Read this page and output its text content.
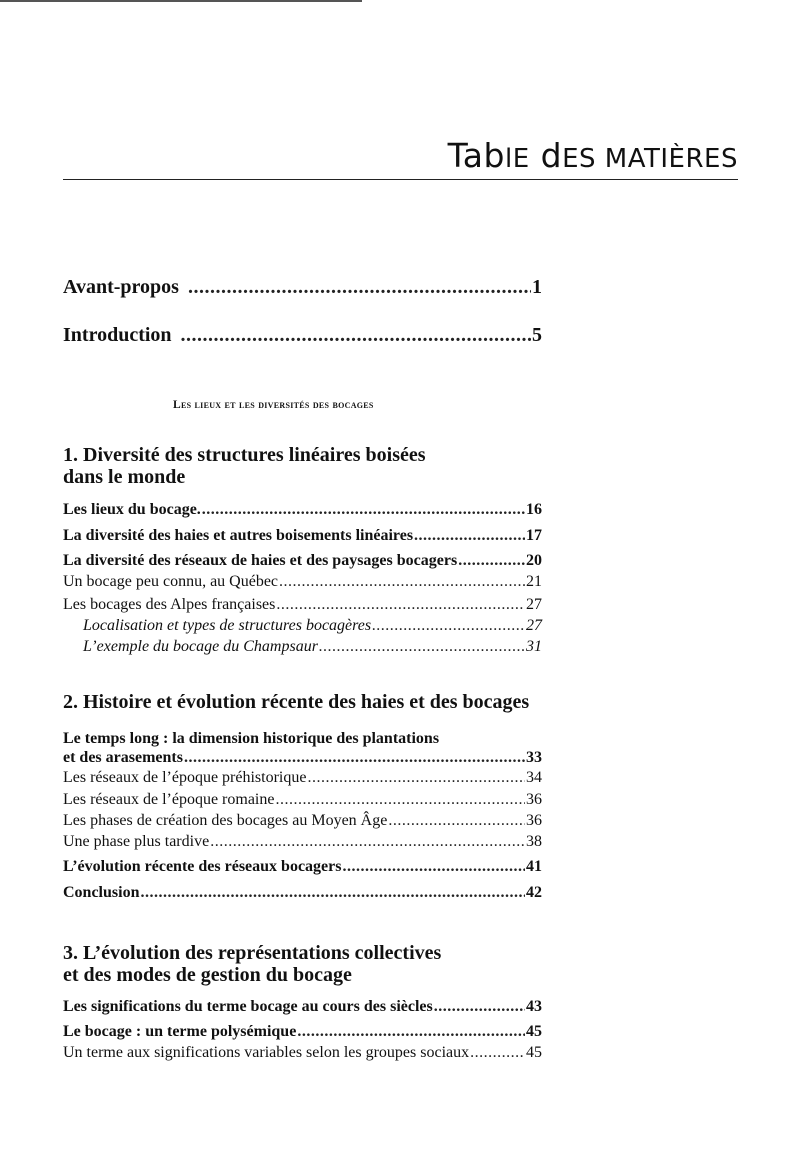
TablE dES MATIÈRES
Avant-propos .....	1
Introduction .....	5
Les lieux et les diversités des bocages
1. Diversité des structures linéaires boisées
dans le monde
Les lieux du bocage. .....	16
La diversité des haies et autres boisements linéaires .....	17
La diversité des réseaux de haies et des paysages bocagers .....	20
Un bocage peu connu, au Québec .....	21
Les bocages des Alpes françaises .....	27
Localisation et types de structures bocagères .....	27
L’exemple du bocage du Champsaur .....	31
2. Histoire et évolution récente des haies et des bocages
Le temps long : la dimension historique des plantations
et des arasements .....	33
Les réseaux de l’époque préhistorique .....	34
Les réseaux de l’époque romaine .....	36
Les phases de création des bocages au Moyen Âge .....	36
Une phase plus tardive .....	38
L’évolution récente des réseaux bocagers .....	41
Conclusion .....	42
3. L’évolution des représentations collectives
et des modes de gestion du bocage
Les significations du terme bocage au cours des siècles .....	43
Le bocage : un terme polysémique .....	45
Un terme aux significations variables selon les groupes sociaux .....	45
